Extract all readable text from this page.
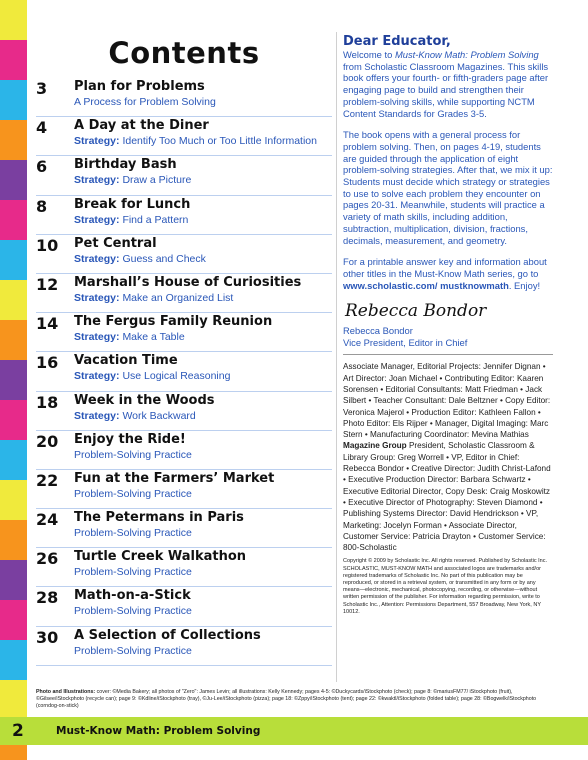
Contents
3	Plan for Problems
A Process for Problem Solving
4	A Day at the Diner
Strategy: Identify Too Much or Too Little Information
6	Birthday Bash
Strategy: Draw a Picture
8	Break for Lunch
Strategy: Find a Pattern
10	Pet Central
Strategy: Guess and Check
12	Marshall’s House of Curiosities
Strategy: Make an Organized List
14	The Fergus Family Reunion
Strategy: Make a Table
16	Vacation Time
Strategy: Use Logical Reasoning
18	Week in the Woods
Strategy: Work Backward
20	Enjoy the Ride!
Problem-Solving Practice
22	Fun at the Farmers’ Market
Problem-Solving Practice
24	The Petermans in Paris
Problem-Solving Practice
26	Turtle Creek Walkathon
Problem-Solving Practice
28	Math-on-a-Stick
Problem-Solving Practice
30	A Selection of Collections
Problem-Solving Practice

Dear Educator,

Welcome to Must-Know Math: Problem Solving from Scholastic Classroom Magazines. This skills book offers your fourth- or fifth-graders page after engaging page to build and strengthen their problem-solving skills, while supporting NCTM Content Standards for Grades 3-5.

The book opens with a general process for problem solving. Then, on pages 4-19, students are guided through the application of eight problem-solving strategies. After that, we mix it up: Students must decide which strategy or strategies to use to solve each problem they encounter on pages 20-31. Meanwhile, students will practice a variety of math skills, including addition, subtraction, multiplication, division, fractions, decimals, measurement, and geometry.

For a printable answer key and information about other titles in the Must-Know Math series, go to www.scholastic.com/ mustknowmath. Enjoy!

Rebecca Bondor
Rebecca Bondor
Vice President, Editor in Chief
Associate Manager, Editorial Projects: Jennifer Dignan • Art Director: Joan Michael • Contributing Editor: Kaaren Sorensen • Editorial Consultants: Matt Friedman • Jack Silbert • Teacher Consultant: Dale Beltzner • Copy Editor: Veronica Majerol • Production Editor: Kathleen Fallon • Photo Editor: Els Rijper • Manager, Digital Imaging: Marc Stern • Manufacturing Coordinator: Mevina Mathias Magazine Group President, Scholastic Classroom & Library Group: Greg Worrell • VP, Editor in Chief: Rebecca Bondor • Creative Director: Judith Christ-Lafond • Executive Production Director: Barbara Schwartz • Executive Editorial Director, Copy Desk: Craig Moskowitz • Executive Director of Photography: Steven Diamond • Publishing Systems Director: David Hendrickson • VP, Marketing: Jocelyn Forman • Associate Director, Customer Service: Patricia Drayton • Customer Service: 800-Scholastic
Copyright © 2009 by Scholastic Inc. All rights reserved. Published by Scholastic Inc. SCHOLASTIC, MUST-KNOW MATH and associated logos are trademarks and/or registered trademarks of Scholastic Inc. No part of this publication may be reproduced, or stored in a retrieval system, or transmitted in any form or by any means—electronic, mechanical, photocopying, recording, or otherwise—without written permission of the publisher. For information regarding permission, write to Scholastic Inc., Attention: Permissions Department, 557 Broadway, New York, NY 10012.
Photo and Illustrations: cover: ©Media Bakery; all photos of "Zero": James Levin; all illustrations: Kelly Kennedy; pages 4-5: ©Duckycards/iStockphoto (check); page 8: ©mariusFM77/ iStockphoto (fruit), ©Gilsee/iStockphoto (recycle can); page 9: ©Kdline/iStockphoto (tray), ©Ju-Lee/iStockphoto (pizza); page 18: ©Zppy/iStockphoto (tent); page 22: ©kwaktl/iStockphoto (folded table); page 28: ©Bogwelk/iStockphoto (corndog-on-stick)
2	Must-Know Math: Problem Solving
